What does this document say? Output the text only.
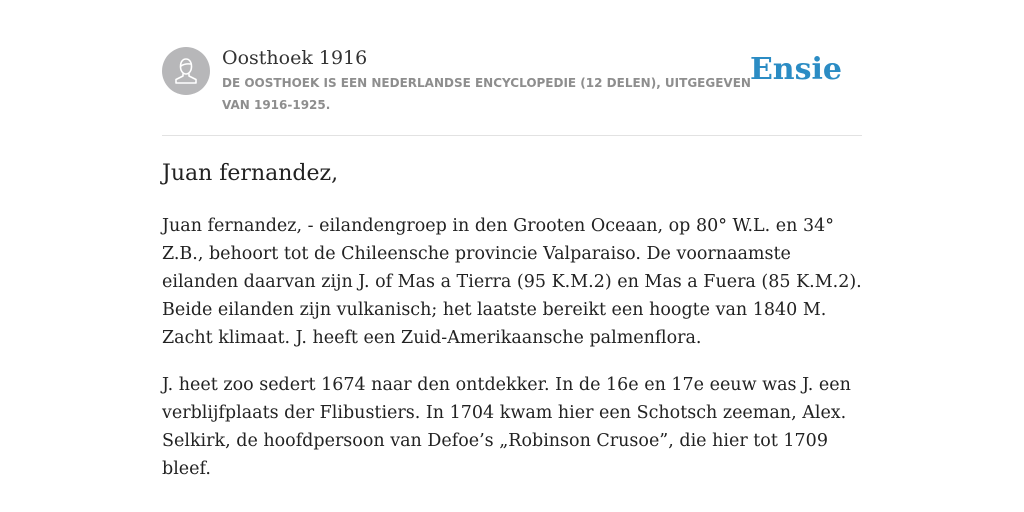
Oosthoek 1916
DE OOSTHOEK IS EEN NEDERLANDSE ENCYCLOPEDIE (12 DELEN), UITGEGEVEN VAN 1916-1925.
Ensie
Juan fernandez,

Juan fernandez, - eilandengroep in den Grooten Oceaan, op 80° W.L. en 34° Z.B., behoort tot de Chileensche provincie Valparaiso. De voornaamste eilanden daarvan zijn J. of Mas a Tierra (95 K.M.2) en Mas a Fuera (85 K.M.2). Beide eilanden zijn vulkanisch; het laatste bereikt een hoogte van 1840 M. Zacht klimaat. J. heeft een Zuid-Amerikaansche palmenflora.

J. heet zoo sedert 1674 naar den ontdekker. In de 16e en 17e eeuw was J. een verblijfplaats der Flibustiers. In 1704 kwam hier een Schotsch zeeman, Alex. Selkirk, de hoofdpersoon van Defoe’s „Robinson Crusoe”, die hier tot 1709 bleef.
